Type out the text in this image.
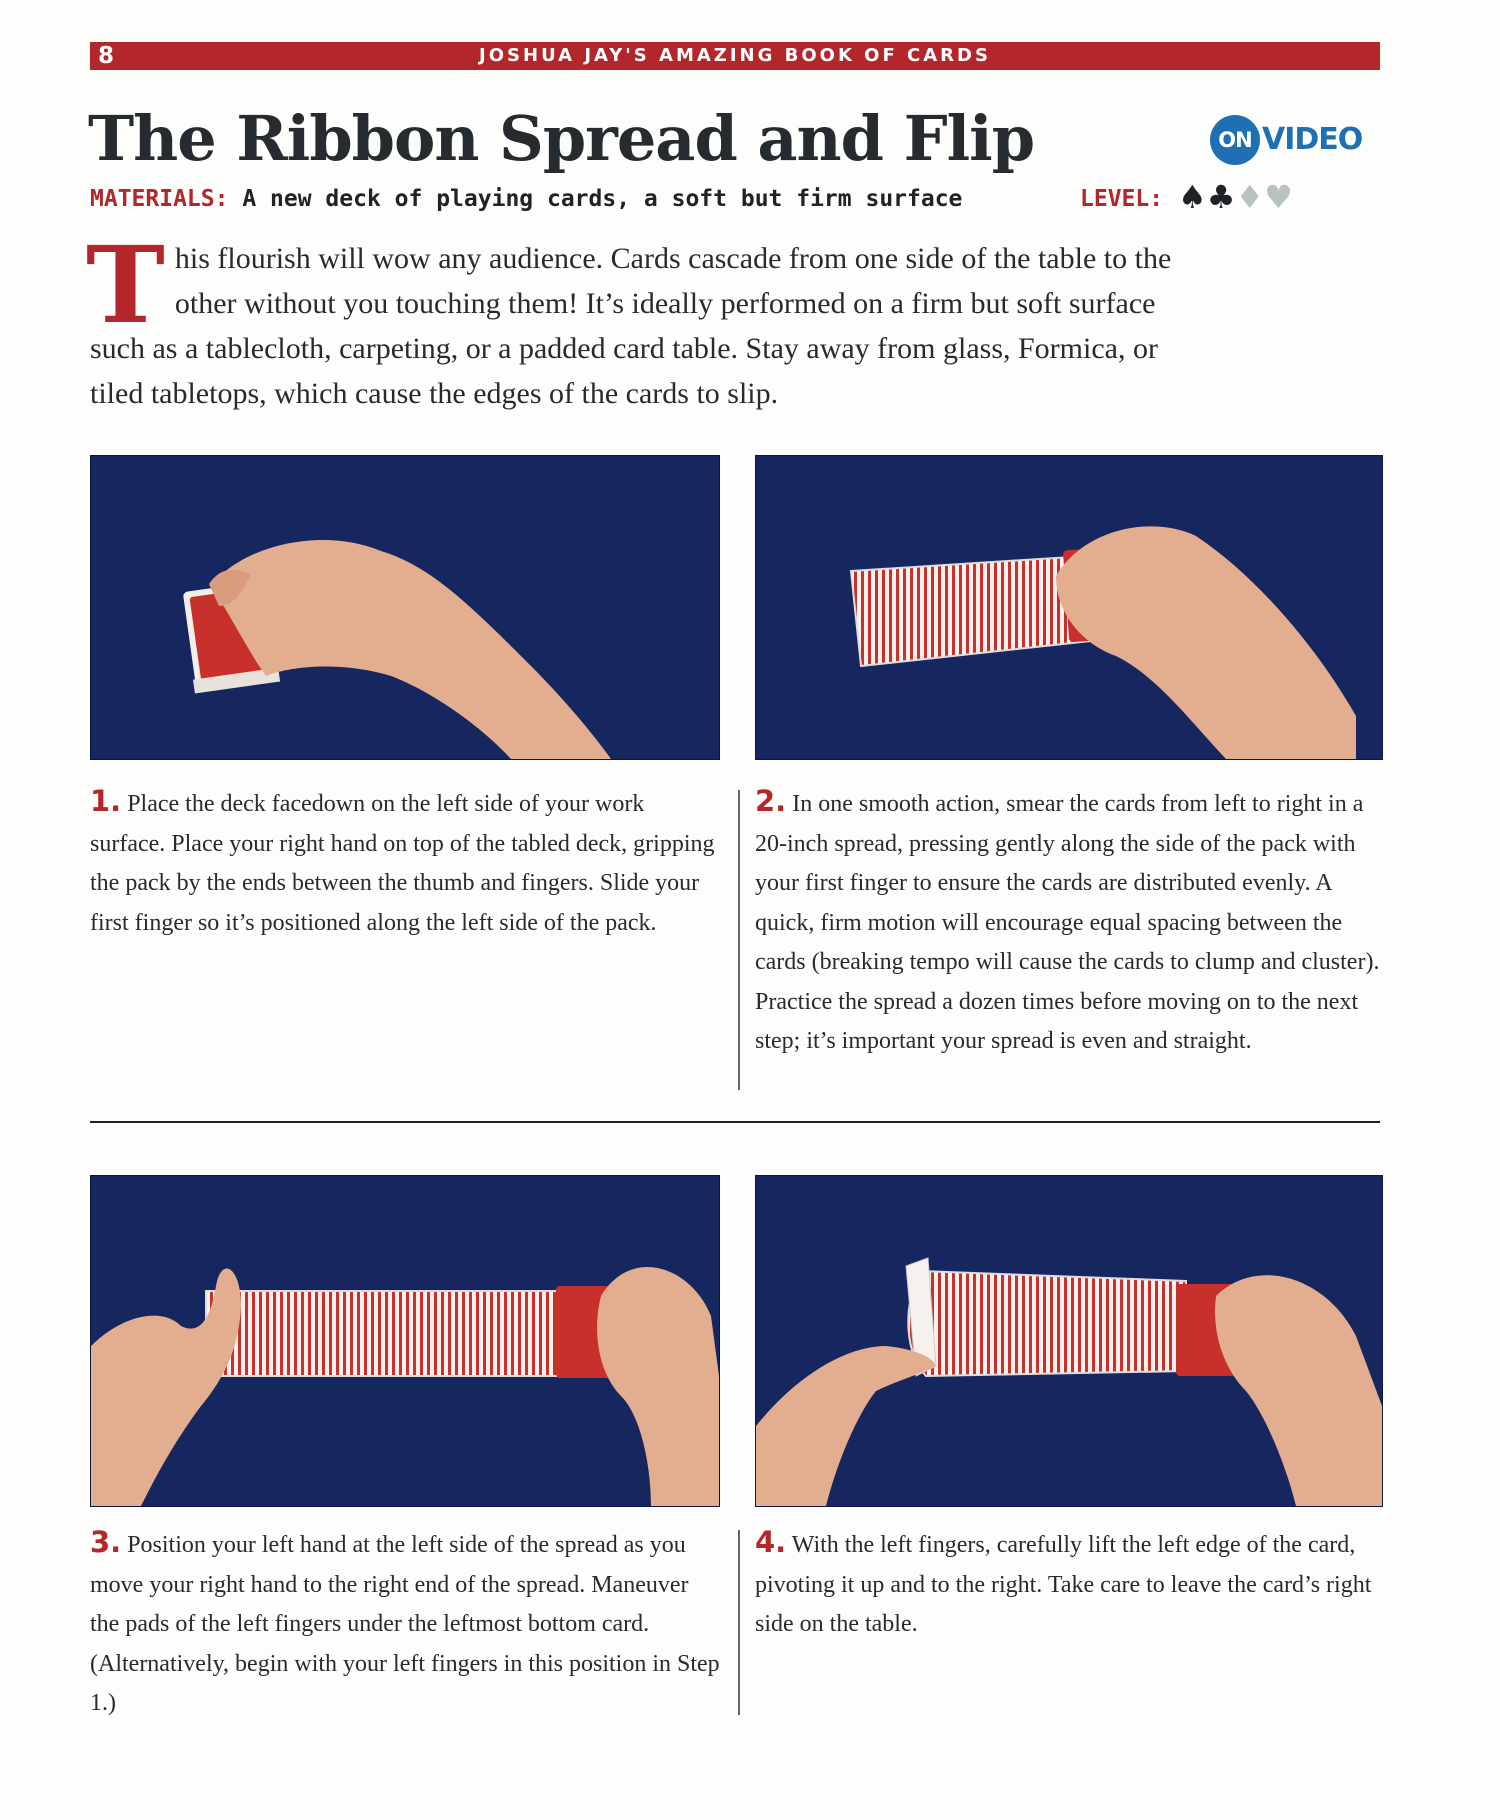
8	JOSHUA JAY'S AMAZING BOOK OF CARDS
The Ribbon Spread and Flip	ON VIDEO
MATERIALS: A new deck of playing cards, a soft but firm surface	LEVEL: ♠♣♦♥

This flourish will wow any audience. Cards cascade from one side of the table to the other without you touching them! It’s ideally performed on a firm but soft surface such as a tablecloth, carpeting, or a padded card table. Stay away from glass, Formica, or tiled tabletops, which cause the edges of the cards to slip.

1. Place the deck facedown on the left side of your work surface. Place your right hand on top of the tabled deck, gripping the pack by the ends between the thumb and fingers. Slide your first finger so it’s positioned along the left side of the pack.

2. In one smooth action, smear the cards from left to right in a 20-inch spread, pressing gently along the side of the pack with your first finger to ensure the cards are distributed evenly. A quick, firm motion will encourage equal spacing between the cards (breaking tempo will cause the cards to clump and cluster). Practice the spread a dozen times before moving on to the next step; it’s important your spread is even and straight.

3. Position your left hand at the left side of the spread as you move your right hand to the right end of the spread. Maneuver the pads of the left fingers under the leftmost bottom card. (Alternatively, begin with your left fingers in this position in Step 1.)

4. With the left fingers, carefully lift the left edge of the card, pivoting it up and to the right. Take care to leave the card’s right side on the table.
